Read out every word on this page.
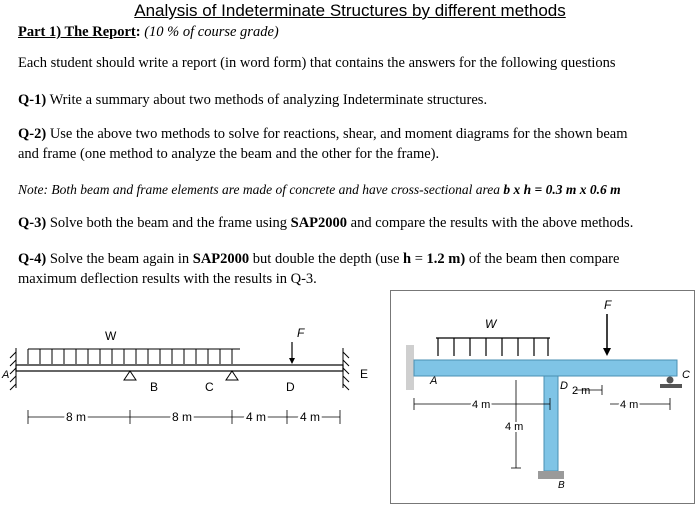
Analysis of Indeterminate Structures by different methods
Part 1) The Report: (10 % of course grade)
Each student should write a report (in word form) that contains the answers for the following questions
Q-1) Write a summary about two methods of analyzing Indeterminate structures.
Q-2) Use the above two methods to solve for reactions, shear, and moment diagrams for the shown beam
and frame (one method to analyze the beam and the other for the frame).
Note: Both beam and frame elements are made of concrete and have cross-sectional area b x h = 0.3 m x 0.6 m
Q-3) Solve both the beam and the frame using SAP2000 and compare the results with the above methods.
Q-4) Solve the beam again in SAP2000 but double the depth (use h = 1.2 m) of the beam then compare
maximum deflection results with the results in Q-3.
W	F
A
B	C	D
E
8 m	8 m	4 m	4 m
W
F
A
B
C
D
4 m
2 m
4 m
4 m
